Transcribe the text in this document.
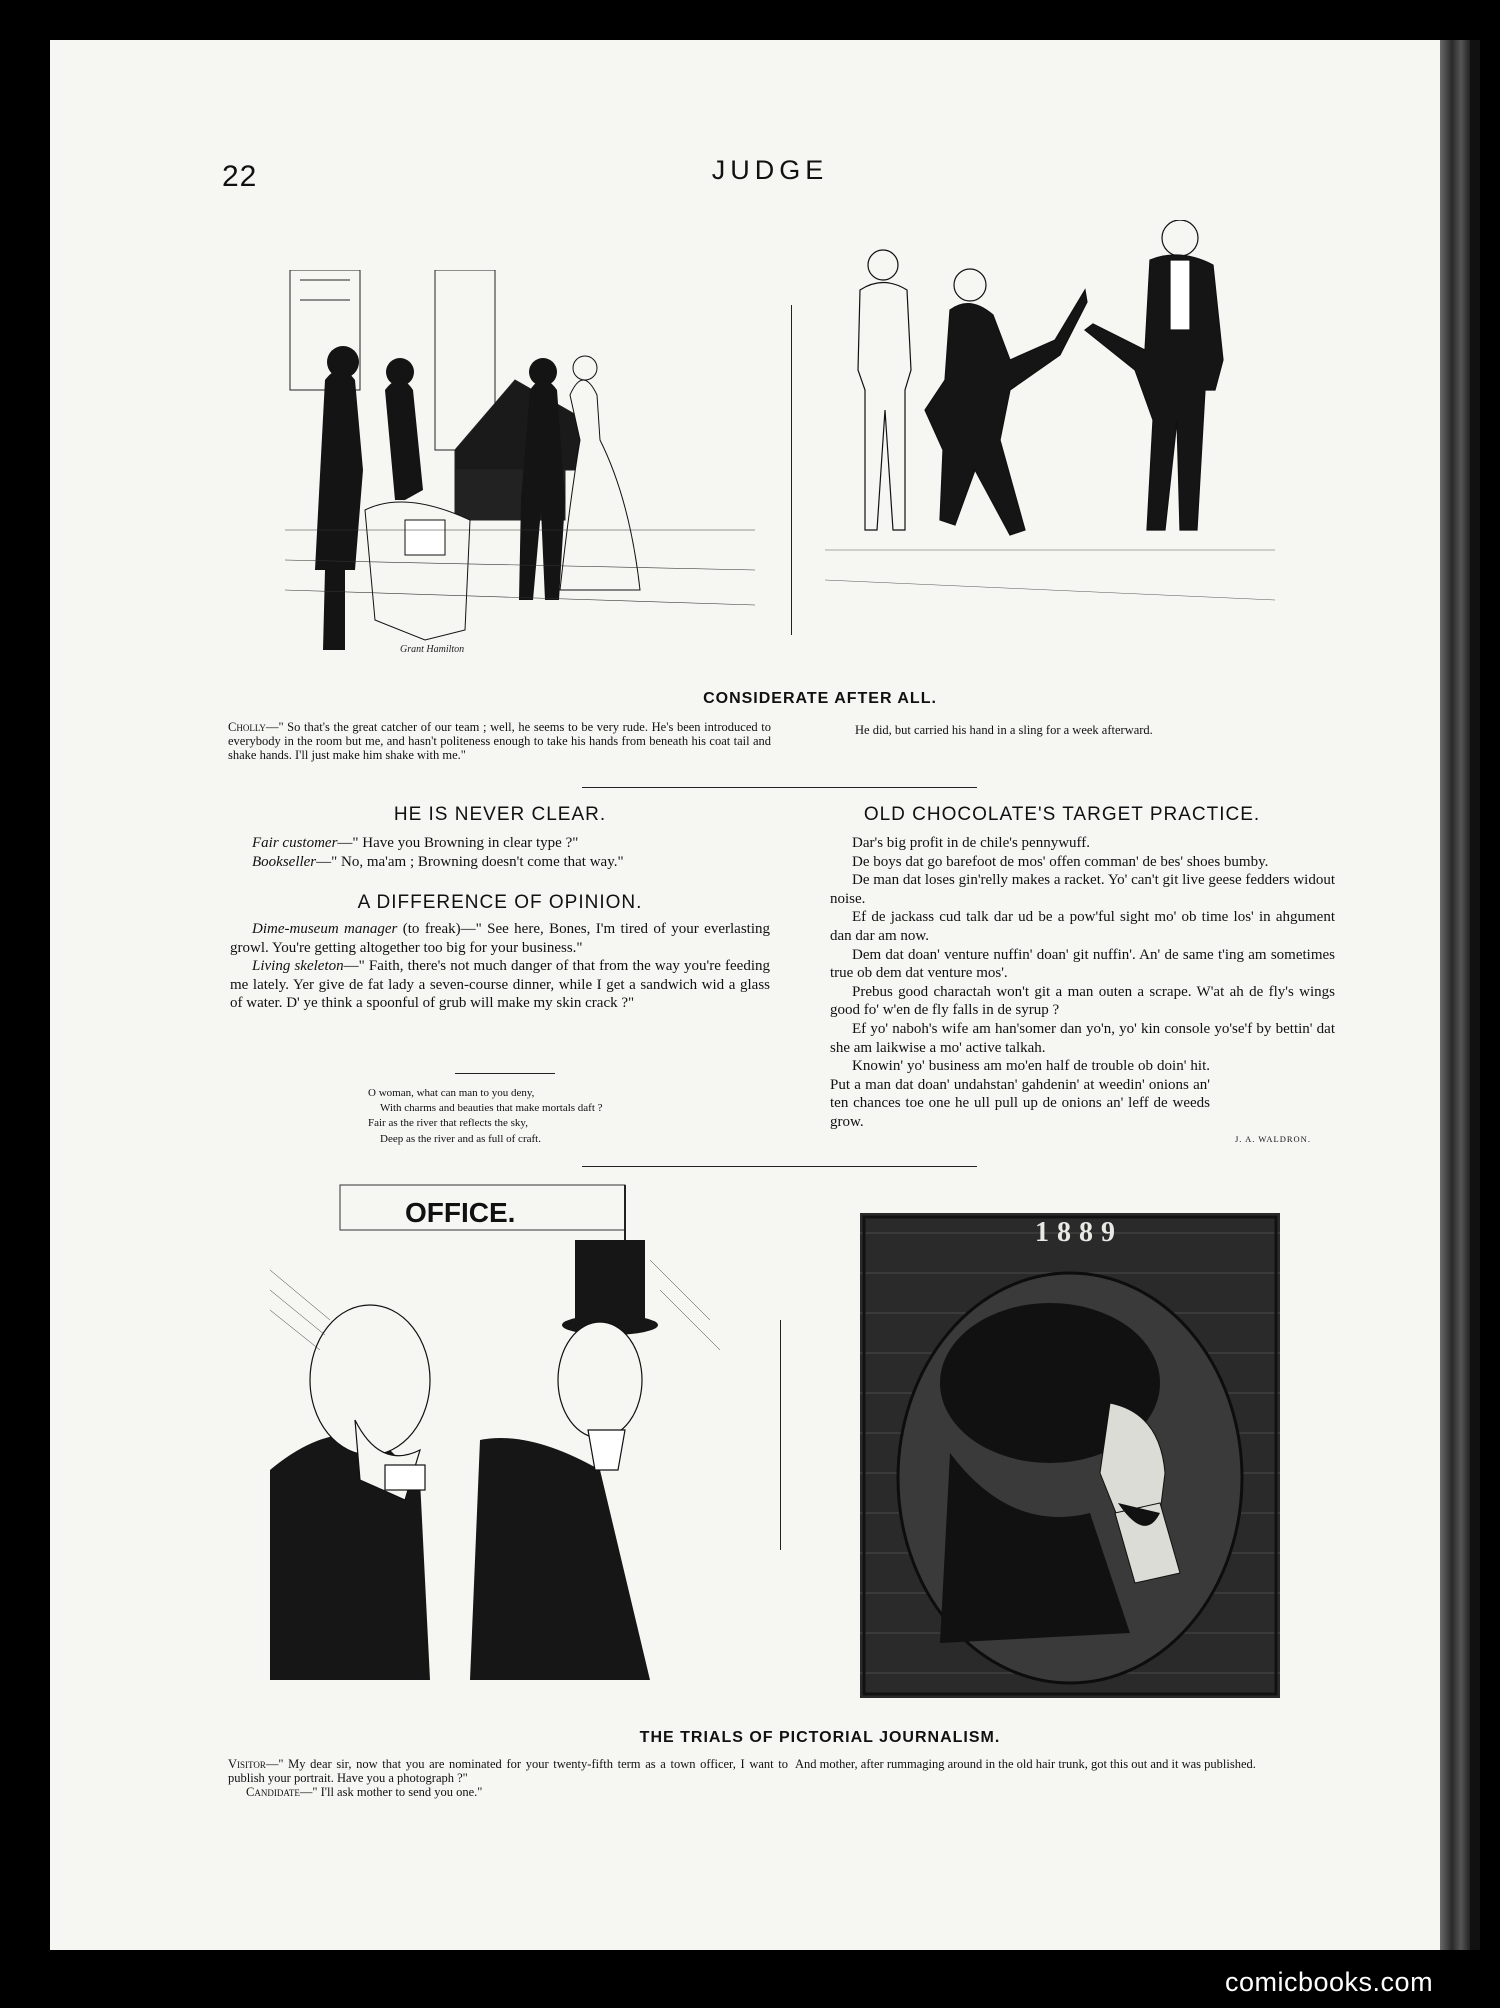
22	JUDGE
Grant Hamilton
CONSIDERATE AFTER ALL.
Cholly—" So that's the great catcher of our team ; well, he seems to be very rude. He's been introduced to everybody in the room but me, and hasn't politeness enough to take his hands from beneath his coat tail and shake hands. I'll just make him shake with me."
He did, but carried his hand in a sling for a week afterward.
HE IS NEVER CLEAR.

Fair customer—" Have you Browning in clear type ?"

Bookseller—" No, ma'am ; Browning doesn't come that way."

A DIFFERENCE OF OPINION.

Dime-museum manager (to freak)—" See here, Bones, I'm tired of your everlasting growl. You're getting altogether too big for your business."

Living skeleton—" Faith, there's not much danger of that from the way you're feeding me lately. Yer give de fat lady a seven-course dinner, while I get a sandwich wid a glass of water. D' ye think a spoonful of grub will make my skin crack ?"

O woman, what can man to you deny,
With charms and beauties that make mortals daft ?
Fair as the river that reflects the sky,
Deep as the river and as full of craft.
OLD CHOCOLATE'S TARGET PRACTICE.

Dar's big profit in de chile's pennywuff.

De boys dat go barefoot de mos' offen comman' de bes' shoes bumby.

De man dat loses gin'relly makes a racket. Yo' can't git live geese fedders widout noise.

Ef de jackass cud talk dar ud be a pow'ful sight mo' ob time los' in ahgument dan dar am now.

Dem dat doan' venture nuffin' doan' git nuffin'. An' de same t'ing am sometimes true ob dem dat venture mos'.

Prebus good charactah won't git a man outen a scrape. W'at ah de fly's wings good fo' w'en de fly falls in de syrup ?

Ef yo' naboh's wife am han'somer dan yo'n, yo' kin console yo'se'f by bettin' dat she am laikwise a mo' active talkah.

Knowin' yo' business am mo'en half de trouble ob doin' hit. Put a man dat doan' undahstan' gahdenin' at weedin' onions an' ten chances toe one he ull pull up de onions an' leff de weeds grow.

J. A. WALDRON.
OFFICE.
1889
THE TRIALS OF PICTORIAL JOURNALISM.
Visitor—" My dear sir, now that you are nominated for your twenty-fifth term as a town officer, I want to publish your portrait. Have you a photograph ?"
Candidate—" I'll ask mother to send you one."
And mother, after rummaging around in the old hair trunk, got this out and it was published.
comicbooks.com
